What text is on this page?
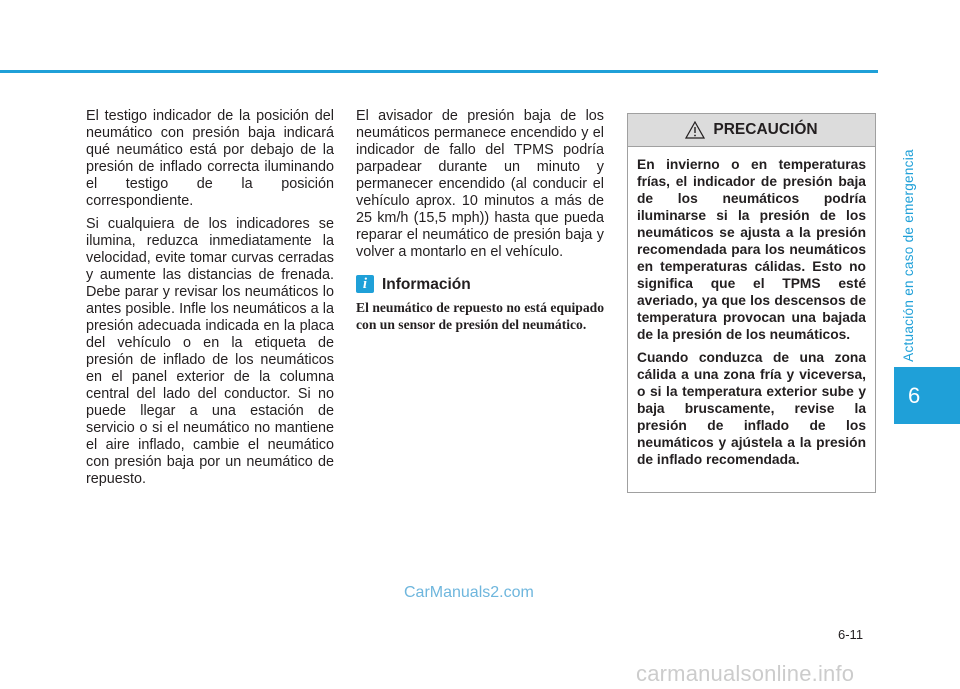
Actuación en caso de emergencia
6

El testigo indicador de la posición del neumático con presión baja indicará qué neumático está por debajo de la presión de inflado correcta iluminando el testigo de la posición correspondiente.

Si cualquiera de los indicadores se ilumina, reduzca inmediatamente la velocidad, evite tomar curvas cerradas y aumente las distancias de frenada. Debe parar y revisar los neumáticos lo antes posible. Infle los neumáticos a la presión adecuada indicada en la placa del vehículo o en la etiqueta de presión de inflado de los neumáticos en el panel exterior de la columna central del lado del conductor. Si no puede llegar a una estación de servicio o si el neumático no mantiene el aire inflado, cambie el neumático con presión baja por un neumático de repuesto.

El avisador de presión baja de los neumáticos permanece encendido y el indicador de fallo del TPMS podría parpadear durante un minuto y permanecer encendido (al conducir el vehículo aprox. 10 minutos a más de 25 km/h (15,5 mph)) hasta que pueda reparar el neumático de presión baja y volver a montarlo en el vehículo.

i Información

El neumático de repuesto no está equipado con un sensor de presión del neumático.

PRECAUCIÓN

En invierno o en temperaturas frías, el indicador de presión baja de los neumáticos podría iluminarse si la presión de los neumáticos se ajusta a la presión recomendada para los neumáticos en temperaturas cálidas. Esto no significa que el TPMS esté averiado, ya que los descensos de temperatura provocan una bajada de la presión de los neumáticos.

Cuando conduzca de una zona cálida a una zona fría y viceversa, o si la temperatura exterior sube y baja bruscamente, revise la presión de inflado de los neumáticos y ajústela a la presión de inflado recomendada.

6-11
CarManuals2.com
carmanualsonline.info
